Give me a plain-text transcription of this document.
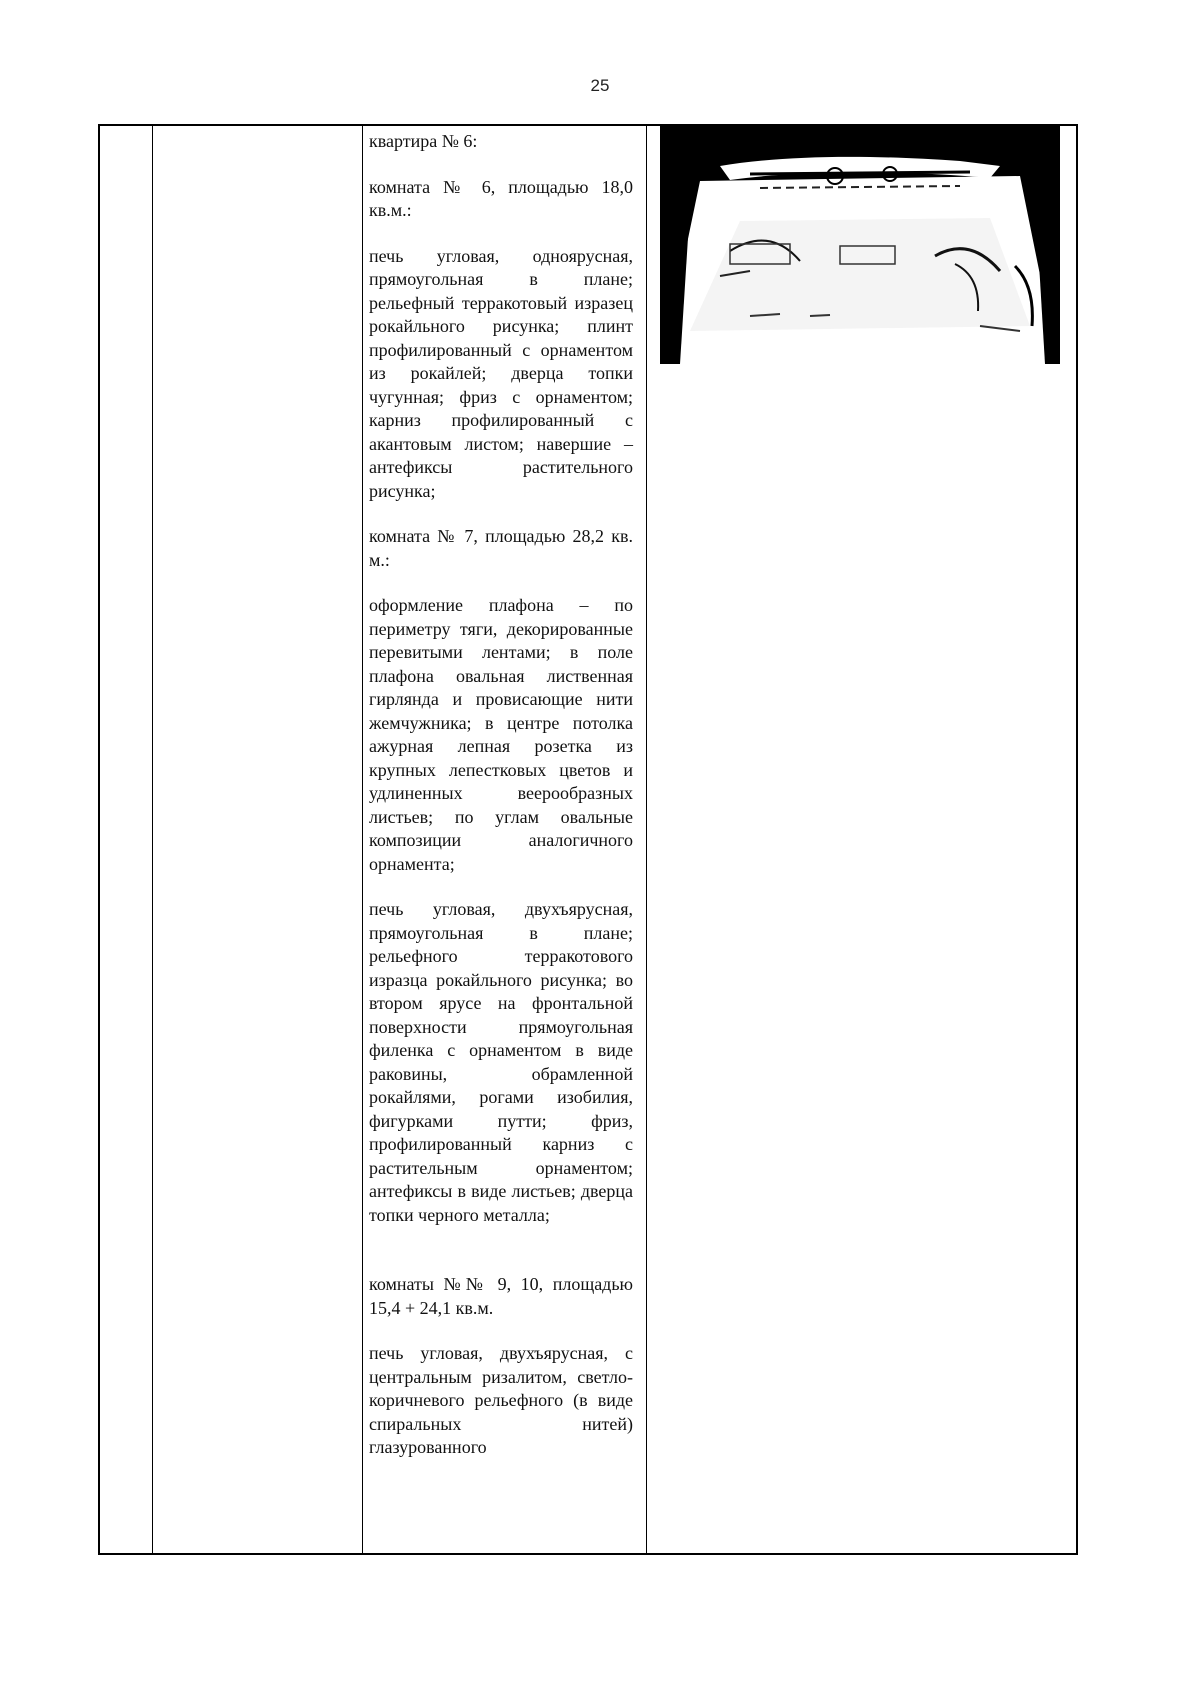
25

квартира № 6:

комната № 6, площадью 18,0 кв.м.:

печь угловая, одноярусная, прямоугольная в плане; рельефный терракотовый изразец рокайльного рисунка; плинт профилированный с орнаментом из рокайлей; дверца топки чугунная; фриз с орнаментом; карниз профилированный с акантовым листом; навершие – антефиксы растительного рисунка;

комната № 7, площадью 28,2 кв. м.:

оформление плафона – по периметру тяги, декорированные перевитыми лентами; в поле плафона овальная лиственная гирлянда и провисающие нити жемчужника; в центре потолка ажурная лепная розетка из крупных лепестковых цветов и удлиненных веерообразных листьев; по углам овальные композиции аналогичного орнамента;

печь угловая, двухъярусная, прямоугольная в плане; рельефного терракотового изразца рокайльного рисунка; во втором ярусе на фронтальной поверхности прямоугольная филенка с орнаментом в виде раковины, обрамленной рокайлями, рогами изобилия, фигурками путти; фриз, профилированный карниз с растительным орнаментом; антефиксы в виде листьев; дверца топки черного металла;

комнаты №№ 9, 10, площадью 15,4 + 24,1 кв.м.

печь угловая, двухъярусная, с центральным ризалитом, светло-коричневого рельефного (в виде спиральных нитей) глазурованного
